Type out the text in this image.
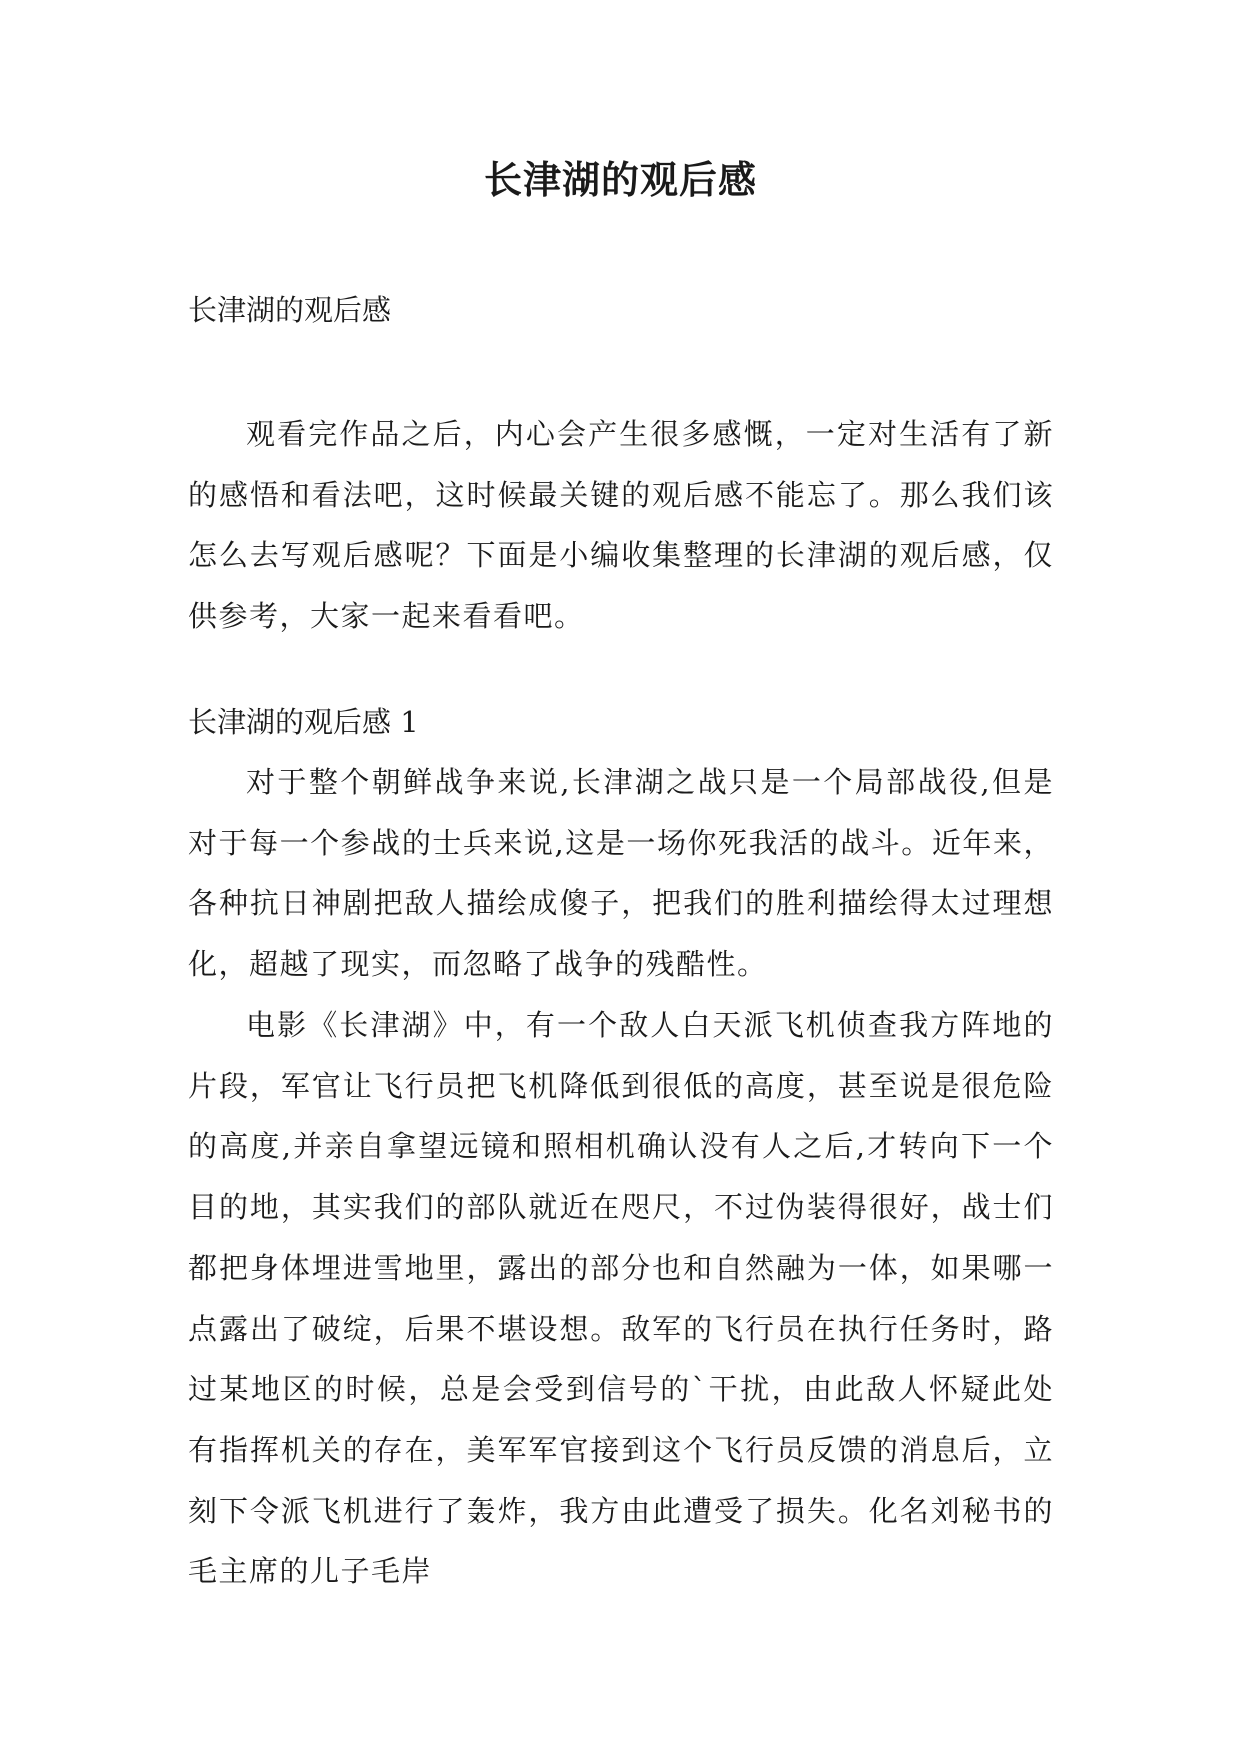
长津湖的观后感

长津湖的观后感

观看完作品之后，内心会产生很多感慨，一定对生活有了新的感悟和看法吧，这时候最关键的观后感不能忘了。那么我们该怎么去写观后感呢？下面是小编收集整理的长津湖的观后感，仅供参考，大家一起来看看吧。

长津湖的观后感 1

对于整个朝鲜战争来说,长津湖之战只是一个局部战役,但是对于每一个参战的士兵来说,这是一场你死我活的战斗。近年来，各种抗日神剧把敌人描绘成傻子，把我们的胜利描绘得太过理想化，超越了现实，而忽略了战争的残酷性。

电影《长津湖》中，有一个敌人白天派飞机侦查我方阵地的片段，军官让飞行员把飞机降低到很低的高度，甚至说是很危险的高度,并亲自拿望远镜和照相机确认没有人之后,才转向下一个目的地，其实我们的部队就近在咫尺，不过伪装得很好，战士们都把身体埋进雪地里，露出的部分也和自然融为一体，如果哪一点露出了破绽，后果不堪设想。敌军的飞行员在执行任务时，路过某地区的时候，总是会受到信号的`干扰，由此敌人怀疑此处有指挥机关的存在，美军军官接到这个飞行员反馈的消息后，立刻下令派飞机进行了轰炸，我方由此遭受了损失。化名刘秘书的毛主席的儿子毛岸
